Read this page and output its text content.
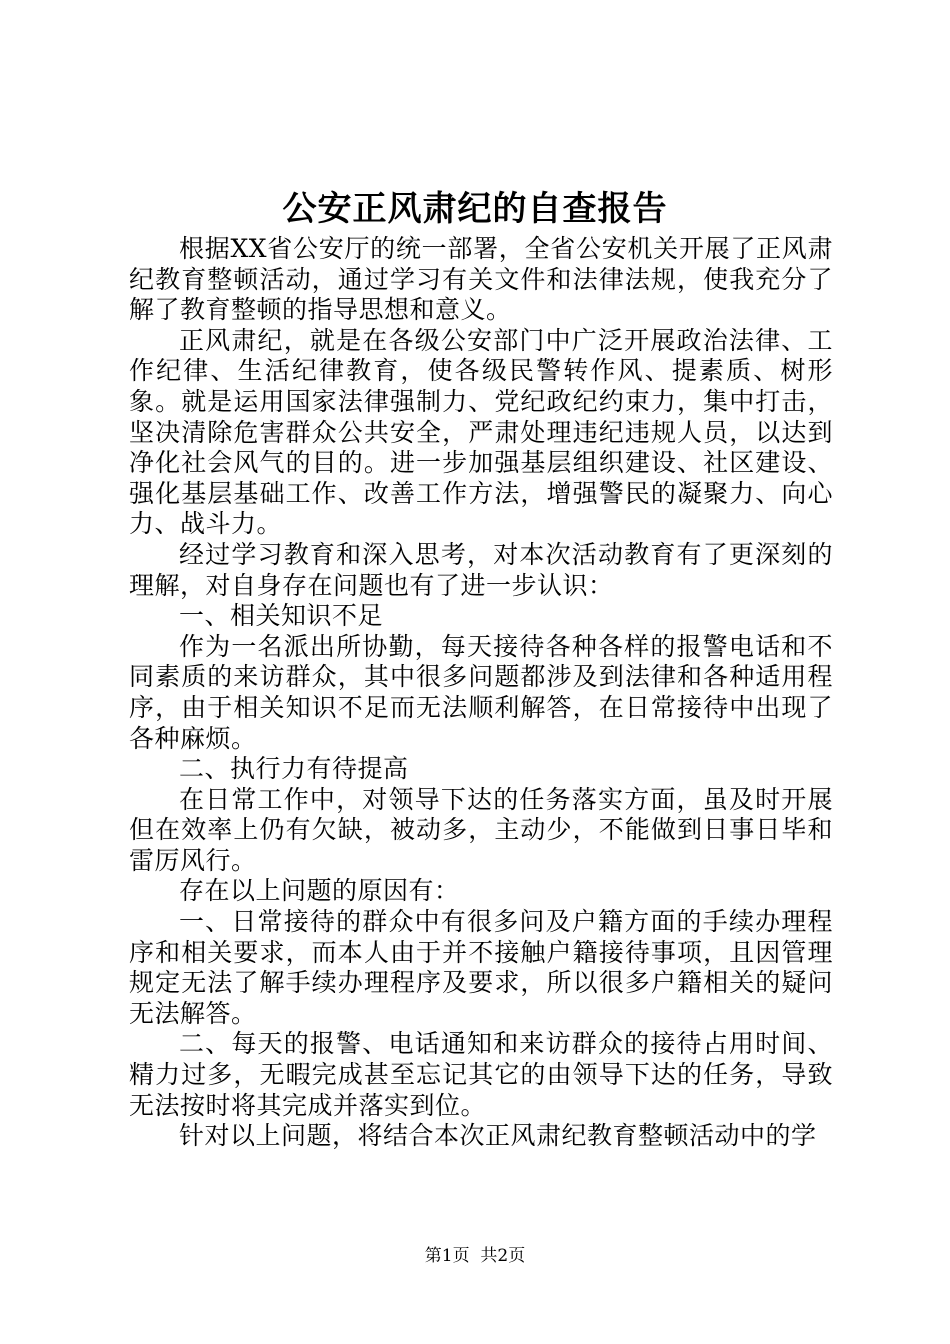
公安正风肃纪的自查报告

根据XX省公安厅的统一部署，全省公安机关开展了正风肃纪教育整顿活动，通过学习有关文件和法律法规，使我充分了解了教育整顿的指导思想和意义。

正风肃纪，就是在各级公安部门中广泛开展政治法律、工作纪律、生活纪律教育，使各级民警转作风、提素质、树形象。就是运用国家法律强制力、党纪政纪约束力，集中打击，坚决清除危害群众公共安全，严肃处理违纪违规人员，以达到净化社会风气的目的。进一步加强基层组织建设、社区建设、强化基层基础工作、改善工作方法，增强警民的凝聚力、向心力、战斗力。

经过学习教育和深入思考，对本次活动教育有了更深刻的理解，对自身存在问题也有了进一步认识：

一、相关知识不足

作为一名派出所协勤，每天接待各种各样的报警电话和不同素质的来访群众，其中很多问题都涉及到法律和各种适用程序，由于相关知识不足而无法顺利解答，在日常接待中出现了各种麻烦。

二、执行力有待提高

在日常工作中，对领导下达的任务落实方面，虽及时开展但在效率上仍有欠缺，被动多，主动少，不能做到日事日毕和雷厉风行。

存在以上问题的原因有：

一、日常接待的群众中有很多问及户籍方面的手续办理程序和相关要求，而本人由于并不接触户籍接待事项，且因管理规定无法了解手续办理程序及要求，所以很多户籍相关的疑问无法解答。

二、每天的报警、电话通知和来访群众的接待占用时间、精力过多，无暇完成甚至忘记其它的由领导下达的任务，导致无法按时将其完成并落实到位。

针对以上问题，将结合本次正风肃纪教育整顿活动中的学

第1页 共2页
